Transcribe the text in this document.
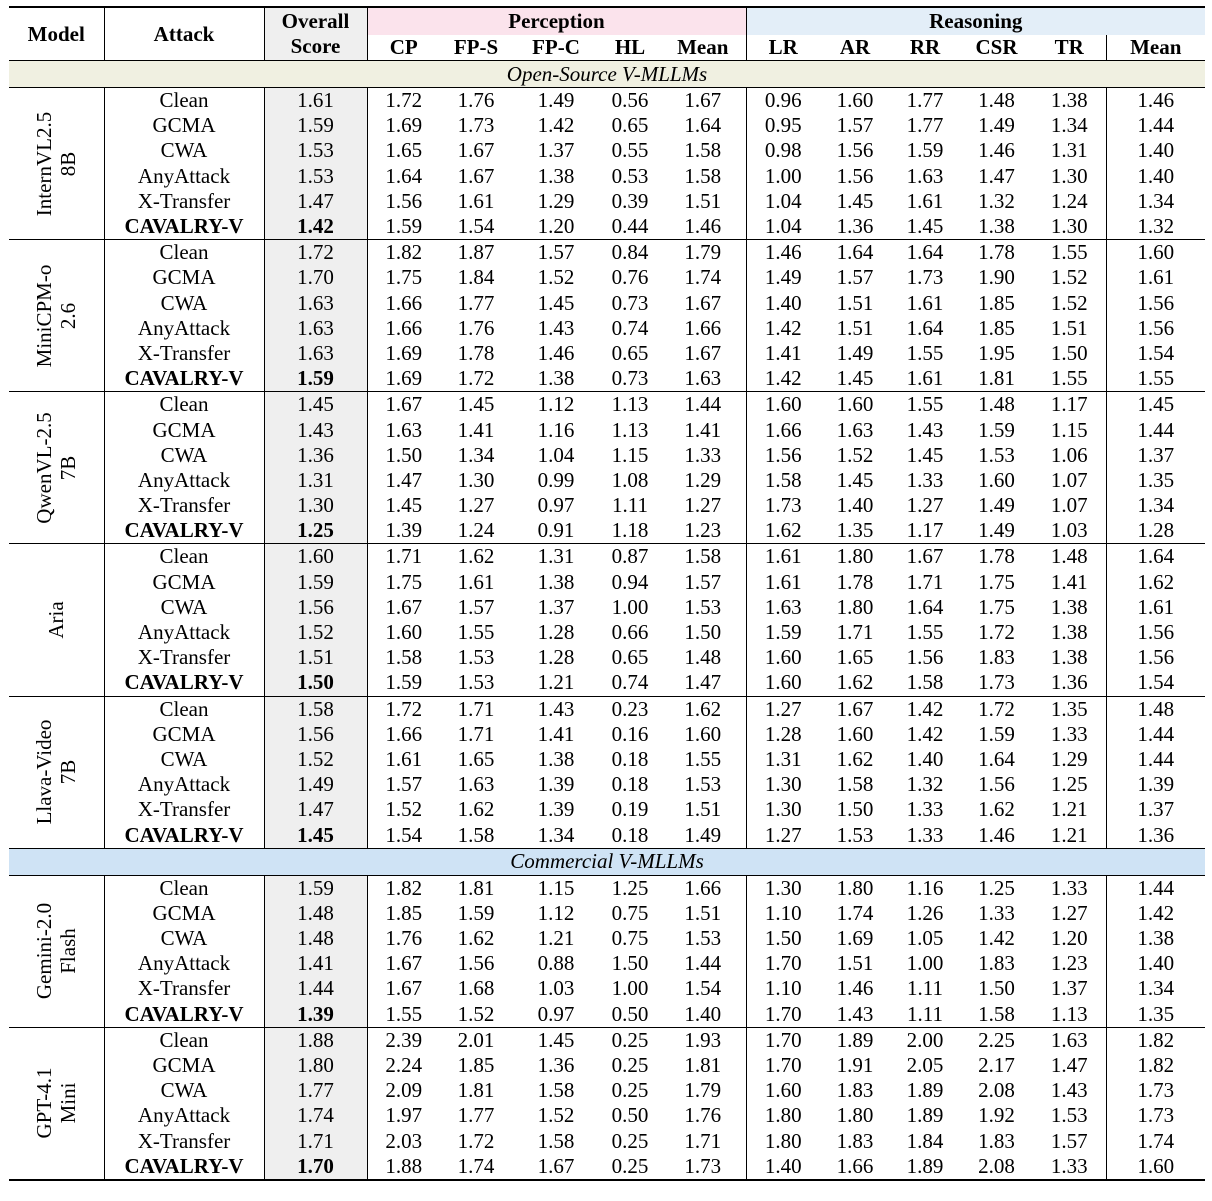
Model	Attack	Overall
Score	Perception					Reasoning					
			CP	FP-S	FP-C	HL	Mean	LR	AR	RR	CSR	TR	Mean
Open-Source V-MLLMs													

InternVL2.5 8B	Clean	1.61	1.72	1.76	1.49	0.56	1.67	0.96	1.60	1.77	1.48	1.38	1.46
	GCMA	1.59	1.69	1.73	1.42	0.65	1.64	0.95	1.57	1.77	1.49	1.34	1.44
	CWA	1.53	1.65	1.67	1.37	0.55	1.58	0.98	1.56	1.59	1.46	1.31	1.40
	AnyAttack	1.53	1.64	1.67	1.38	0.53	1.58	1.00	1.56	1.63	1.47	1.30	1.40
	X-Transfer	1.47	1.56	1.61	1.29	0.39	1.51	1.04	1.45	1.61	1.32	1.24	1.34
	CAVALRY-V	1.42	1.59	1.54	1.20	0.44	1.46	1.04	1.36	1.45	1.38	1.30	1.32

MiniCPM-o 2.6	Clean	1.72	1.82	1.87	1.57	0.84	1.79	1.46	1.64	1.64	1.78	1.55	1.60
	GCMA	1.70	1.75	1.84	1.52	0.76	1.74	1.49	1.57	1.73	1.90	1.52	1.61
	CWA	1.63	1.66	1.77	1.45	0.73	1.67	1.40	1.51	1.61	1.85	1.52	1.56
	AnyAttack	1.63	1.66	1.76	1.43	0.74	1.66	1.42	1.51	1.64	1.85	1.51	1.56
	X-Transfer	1.63	1.69	1.78	1.46	0.65	1.67	1.41	1.49	1.55	1.95	1.50	1.54
	CAVALRY-V	1.59	1.69	1.72	1.38	0.73	1.63	1.42	1.45	1.61	1.81	1.55	1.55

QwenVL-2.5 7B	Clean	1.45	1.67	1.45	1.12	1.13	1.44	1.60	1.60	1.55	1.48	1.17	1.45
	GCMA	1.43	1.63	1.41	1.16	1.13	1.41	1.66	1.63	1.43	1.59	1.15	1.44
	CWA	1.36	1.50	1.34	1.04	1.15	1.33	1.56	1.52	1.45	1.53	1.06	1.37
	AnyAttack	1.31	1.47	1.30	0.99	1.08	1.29	1.58	1.45	1.33	1.60	1.07	1.35
	X-Transfer	1.30	1.45	1.27	0.97	1.11	1.27	1.73	1.40	1.27	1.49	1.07	1.34
	CAVALRY-V	1.25	1.39	1.24	0.91	1.18	1.23	1.62	1.35	1.17	1.49	1.03	1.28

Aria	Clean	1.60	1.71	1.62	1.31	0.87	1.58	1.61	1.80	1.67	1.78	1.48	1.64
	GCMA	1.59	1.75	1.61	1.38	0.94	1.57	1.61	1.78	1.71	1.75	1.41	1.62
	CWA	1.56	1.67	1.57	1.37	1.00	1.53	1.63	1.80	1.64	1.75	1.38	1.61
	AnyAttack	1.52	1.60	1.55	1.28	0.66	1.50	1.59	1.71	1.55	1.72	1.38	1.56
	X-Transfer	1.51	1.58	1.53	1.28	0.65	1.48	1.60	1.65	1.56	1.83	1.38	1.56
	CAVALRY-V	1.50	1.59	1.53	1.21	0.74	1.47	1.60	1.62	1.58	1.73	1.36	1.54

Llava-Video 7B	Clean	1.58	1.72	1.71	1.43	0.23	1.62	1.27	1.67	1.42	1.72	1.35	1.48
	GCMA	1.56	1.66	1.71	1.41	0.16	1.60	1.28	1.60	1.42	1.59	1.33	1.44
	CWA	1.52	1.61	1.65	1.38	0.18	1.55	1.31	1.62	1.40	1.64	1.29	1.44
	AnyAttack	1.49	1.57	1.63	1.39	0.18	1.53	1.30	1.58	1.32	1.56	1.25	1.39
	X-Transfer	1.47	1.52	1.62	1.39	0.19	1.51	1.30	1.50	1.33	1.62	1.21	1.37
	CAVALRY-V	1.45	1.54	1.58	1.34	0.18	1.49	1.27	1.53	1.33	1.46	1.21	1.36
Commercial V-MLLMs													

Gemini-2.0 Flash	Clean	1.59	1.82	1.81	1.15	1.25	1.66	1.30	1.80	1.16	1.25	1.33	1.44
	GCMA	1.48	1.85	1.59	1.12	0.75	1.51	1.10	1.74	1.26	1.33	1.27	1.42
	CWA	1.48	1.76	1.62	1.21	0.75	1.53	1.50	1.69	1.05	1.42	1.20	1.38
	AnyAttack	1.41	1.67	1.56	0.88	1.50	1.44	1.70	1.51	1.00	1.83	1.23	1.40
	X-Transfer	1.44	1.67	1.68	1.03	1.00	1.54	1.10	1.46	1.11	1.50	1.37	1.34
	CAVALRY-V	1.39	1.55	1.52	0.97	0.50	1.40	1.70	1.43	1.11	1.58	1.13	1.35

GPT-4.1 Mini	Clean	1.88	2.39	2.01	1.45	0.25	1.93	1.70	1.89	2.00	2.25	1.63	1.82
	GCMA	1.80	2.24	1.85	1.36	0.25	1.81	1.70	1.91	2.05	2.17	1.47	1.82
	CWA	1.77	2.09	1.81	1.58	0.25	1.79	1.60	1.83	1.89	2.08	1.43	1.73
	AnyAttack	1.74	1.97	1.77	1.52	0.50	1.76	1.80	1.80	1.89	1.92	1.53	1.73
	X-Transfer	1.71	2.03	1.72	1.58	0.25	1.71	1.80	1.83	1.84	1.83	1.57	1.74
	CAVALRY-V	1.70	1.88	1.74	1.67	0.25	1.73	1.40	1.66	1.89	2.08	1.33	1.60
